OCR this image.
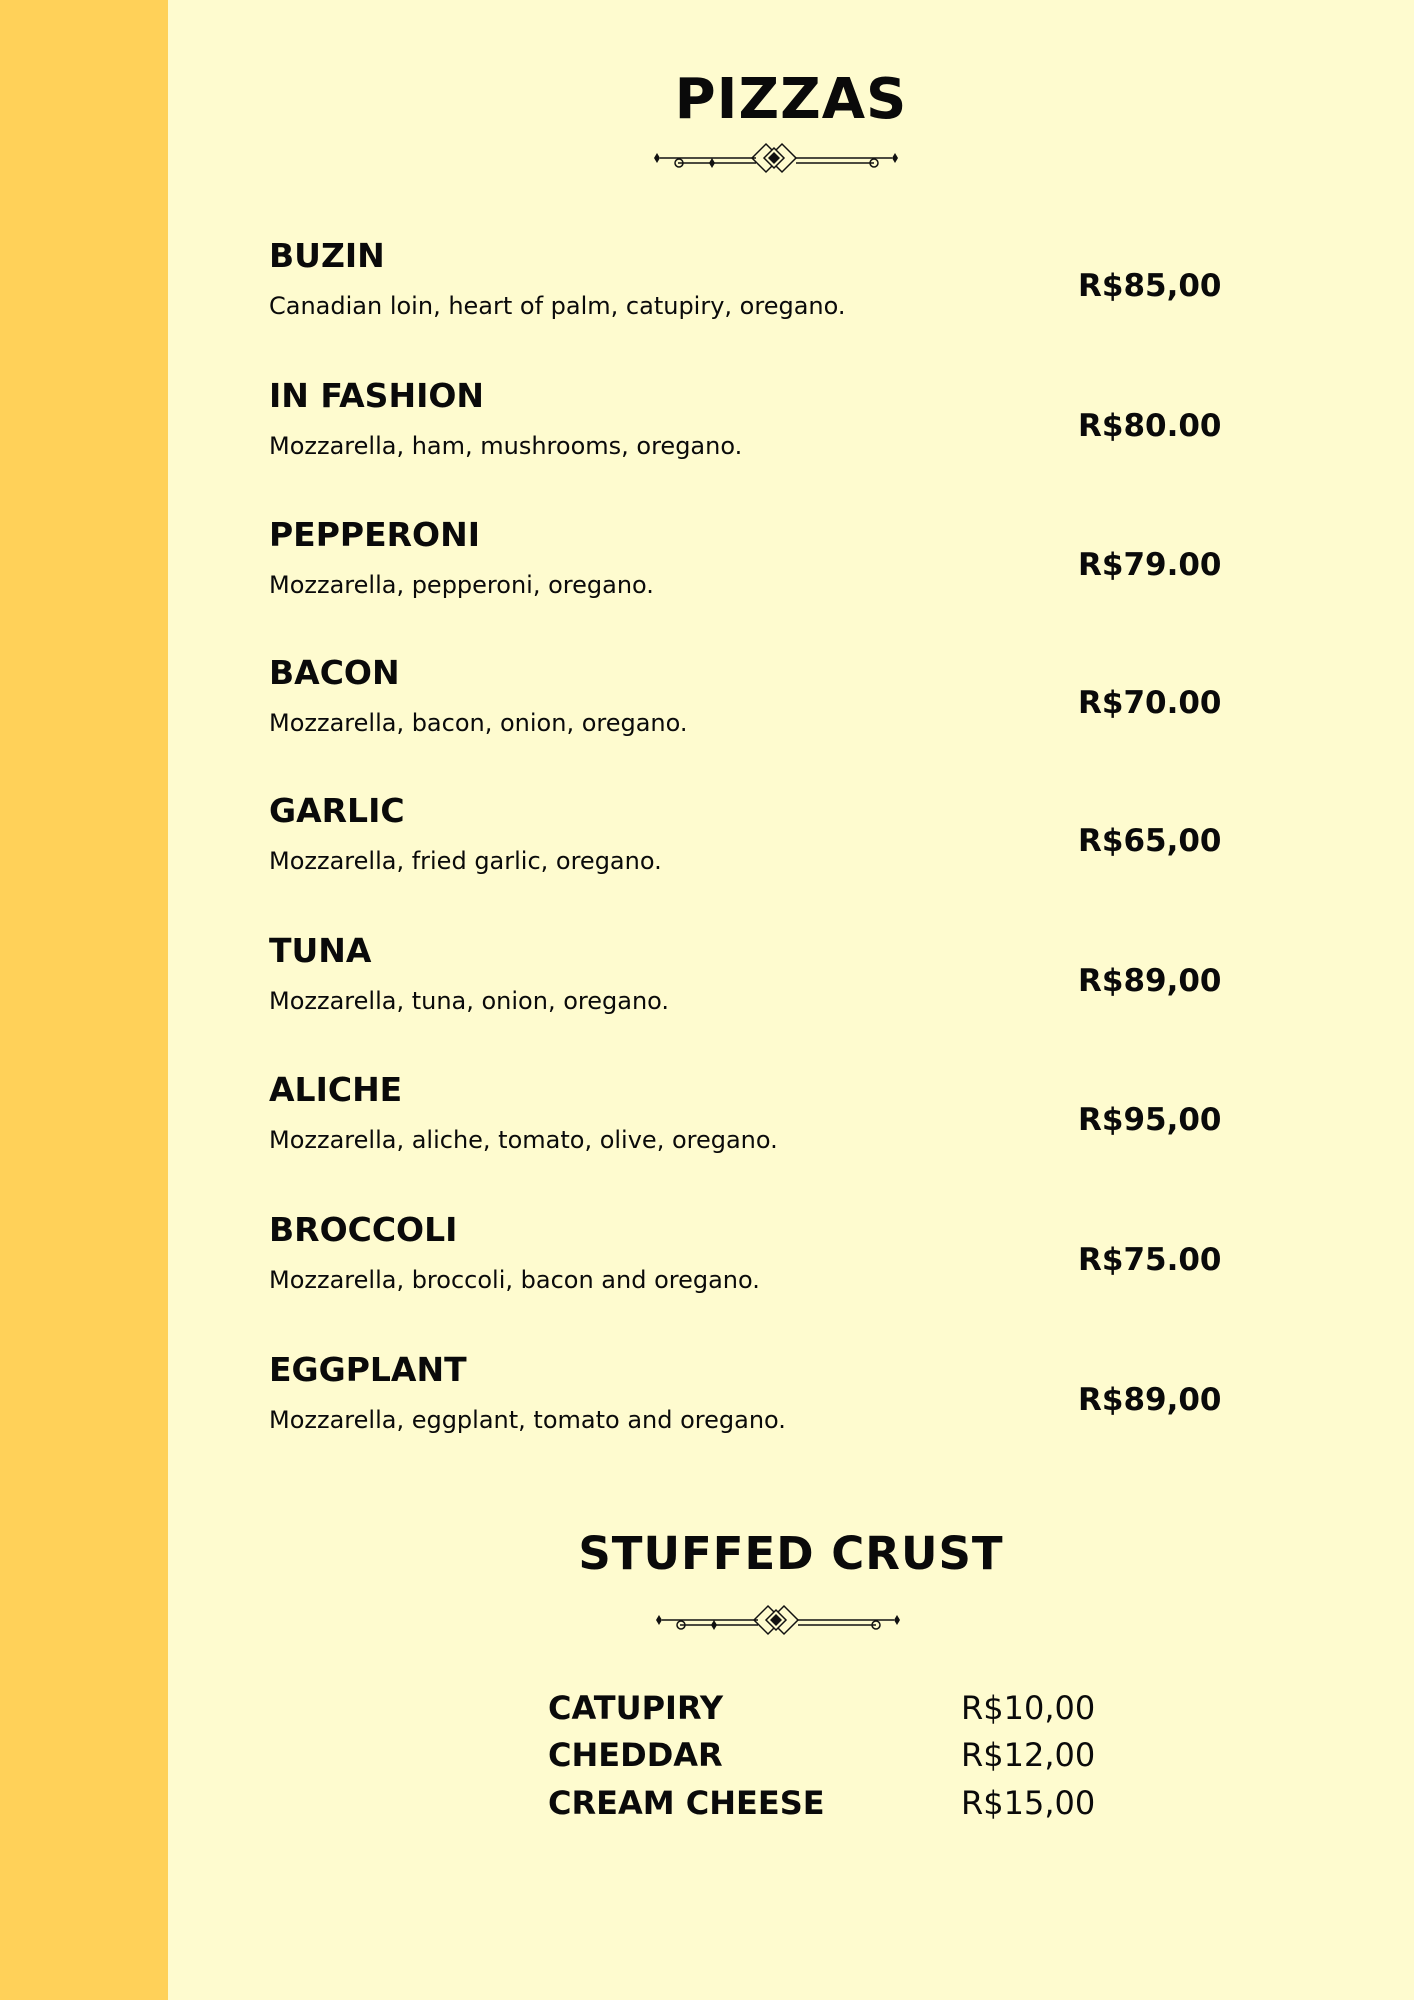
PIZZAS
BUZIN
Canadian loin, heart of palm, catupiry, oregano.
R$85,00
IN FASHION
Mozzarella, ham, mushrooms, oregano.
R$80.00
PEPPERONI
Mozzarella, pepperoni, oregano.
R$79.00
BACON
Mozzarella, bacon, onion, oregano.
R$70.00
GARLIC
Mozzarella, fried garlic, oregano.
R$65,00
TUNA
Mozzarella, tuna, onion, oregano.
R$89,00
ALICHE
Mozzarella, aliche, tomato, olive, oregano.
R$95,00
BROCCOLI
Mozzarella, broccoli, bacon and oregano.
R$75.00
EGGPLANT
Mozzarella, eggplant, tomato and oregano.
R$89,00
STUFFED CRUST
CATUPIRY	R$10,00
CHEDDAR	R$12,00
CREAM CHEESE	R$15,00
